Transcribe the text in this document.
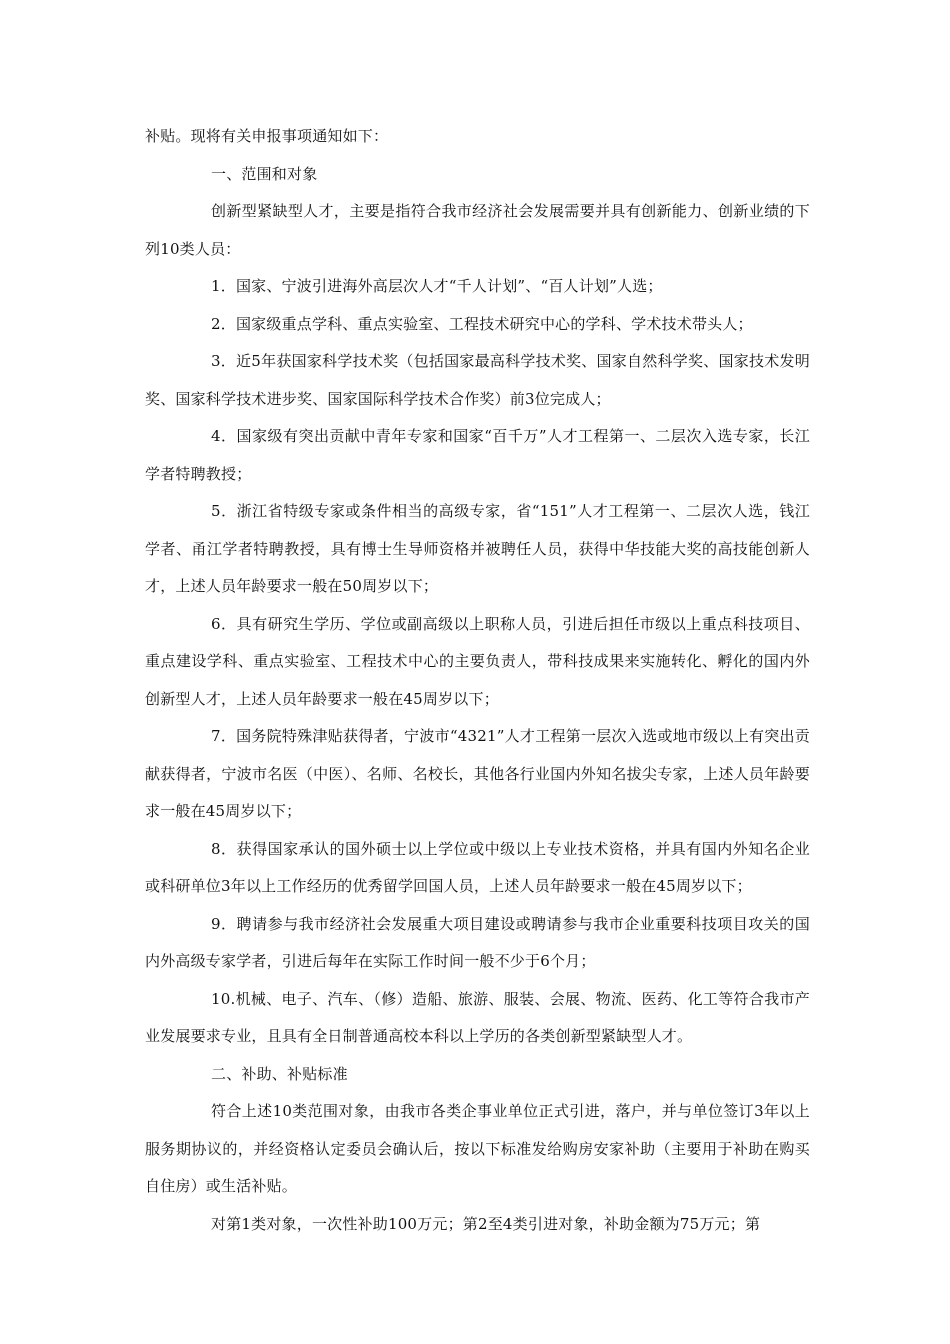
补贴。现将有关申报事项通知如下：

一、范围和对象

创新型紧缺型人才，主要是指符合我市经济社会发展需要并具有创新能力、创新业绩的下列10类人员：

1．国家、宁波引进海外高层次人才“千人计划”、“百人计划”人选；

2．国家级重点学科、重点实验室、工程技术研究中心的学科、学术技术带头人；

3．近5年获国家科学技术奖（包括国家最高科学技术奖、国家自然科学奖、国家技术发明奖、国家科学技术进步奖、国家国际科学技术合作奖）前3位完成人；

4．国家级有突出贡献中青年专家和国家“百千万”人才工程第一、二层次入选专家，长江学者特聘教授；

5．浙江省特级专家或条件相当的高级专家，省“151”人才工程第一、二层次人选，钱江学者、甬江学者特聘教授，具有博士生导师资格并被聘任人员，获得中华技能大奖的高技能创新人才，上述人员年龄要求一般在50周岁以下；

6．具有研究生学历、学位或副高级以上职称人员，引进后担任市级以上重点科技项目、重点建设学科、重点实验室、工程技术中心的主要负责人，带科技成果来实施转化、孵化的国内外创新型人才，上述人员年龄要求一般在45周岁以下；

7．国务院特殊津贴获得者，宁波市“4321”人才工程第一层次入选或地市级以上有突出贡献获得者，宁波市名医（中医）、名师、名校长，其他各行业国内外知名拔尖专家，上述人员年龄要求一般在45周岁以下；

8．获得国家承认的国外硕士以上学位或中级以上专业技术资格，并具有国内外知名企业或科研单位3年以上工作经历的优秀留学回国人员，上述人员年龄要求一般在45周岁以下；

9．聘请参与我市经济社会发展重大项目建设或聘请参与我市企业重要科技项目攻关的国内外高级专家学者，引进后每年在实际工作时间一般不少于6个月；

10.机械、电子、汽车、（修）造船、旅游、服装、会展、物流、医药、化工等符合我市产业发展要求专业，且具有全日制普通高校本科以上学历的各类创新型紧缺型人才。

二、补助、补贴标准

符合上述10类范围对象，由我市各类企事业单位正式引进，落户，并与单位签订3年以上服务期协议的，并经资格认定委员会确认后，按以下标准发给购房安家补助（主要用于补助在购买自住房）或生活补贴。

对第1类对象，一次性补助100万元；第2至4类引进对象，补助金额为75万元；第
